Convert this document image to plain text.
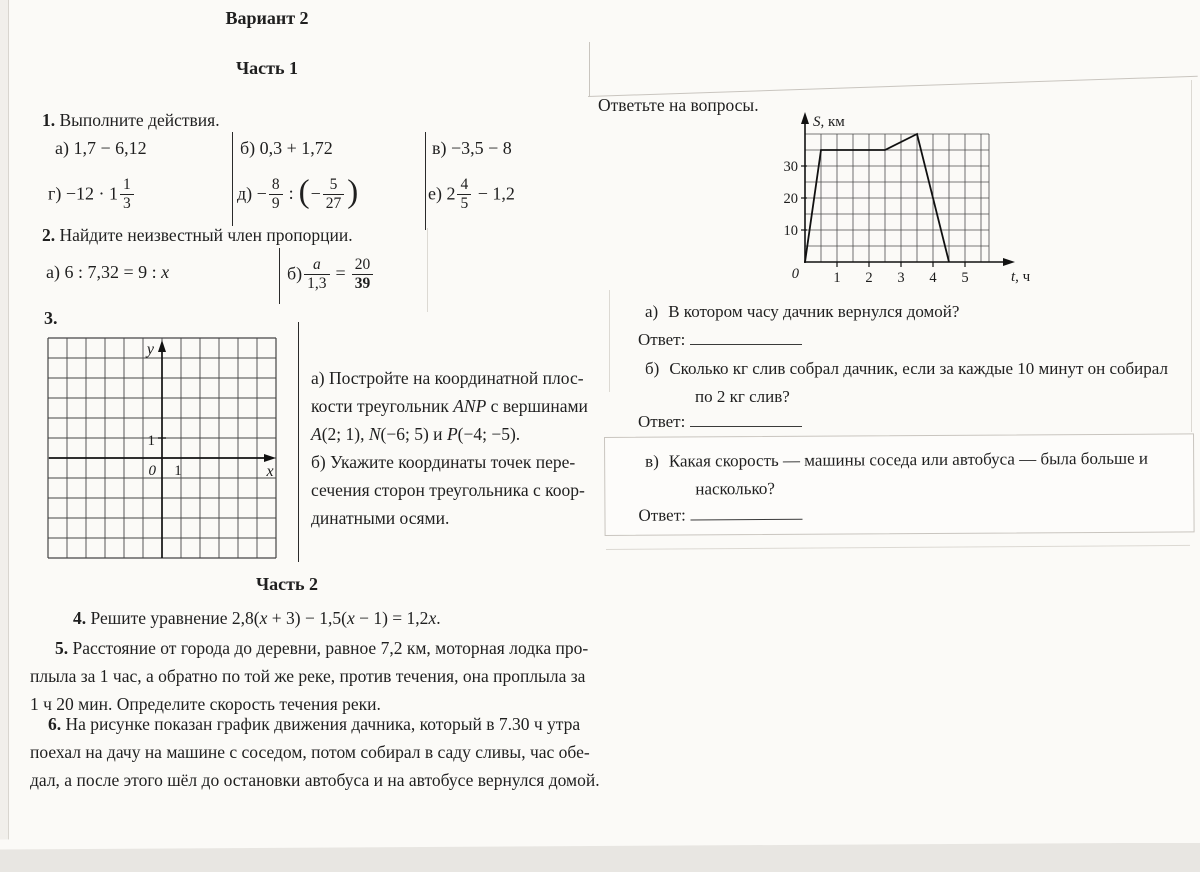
Вариант 2
Часть 1
1. Выполните действия.
а) 1,7 − 6,12	б) 0,3 + 1,72	в) −3,5 − 8
$г) -12 \cdot 1 \frac{1}{3}$	$д) - \frac{8}{9}$ : (− $\frac{5}{27}$ )	е) $2 \frac{4}{5} - 1,2$
2. Найдите неизвестный член пропорции.
а) 6 : 7,32 = 9 : x	$б) \frac{a}{1,3} = \frac{20}{39}$
3.
y
1
0 1	x
а) Постройте на координатной плос-
кости треугольник ANP с вершинами
A(2; 1), N(−6; 5) и P(−4; −5).
б) Укажите координаты точек пере-
сечения сторон треугольника с коор-
динатными осями.
Часть 2
4. Решите уравнение 2,8(x + 3) − 1,5(x − 1) = 1,2x.
5. Расстояние от города до деревни, равное 7,2 км, моторная лодка про-
плыла за 1 час, а обратно по той же реке, против течения, она проплыла за
1 ч 20 мин. Определите скорость течения реки.
6. На рисунке показан график движения дачника, который в 7.30 ч утра
поехал на дачу на машине с соседом, потом собирал в саду сливы, час обе-
дал, а после этого шёл до остановки автобуса и на автобусе вернулся домой.
Ответьте на вопросы.
10
20
30
1 2 3 4 5
0
S, км
t, ч
а) В котором часу дачник вернулся домой?
Ответ:
б) Сколько кг слив собрал дачник, если за каждые 10 минут он собирал
по 2 кг слив?
Ответ:
в) Какая скорость — машины соседа или автобуса — была больше и
насколько?
Ответ:
